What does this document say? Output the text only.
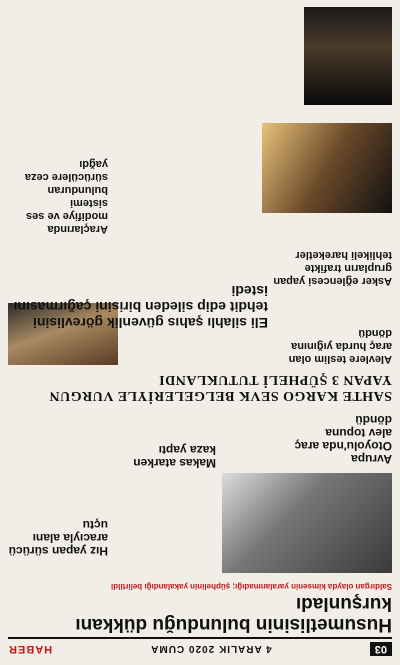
03
4 ARALIK 2020 CUMA
HABER
Husumetlisinin bulunduğu dükkanı kurşunladı

Saldırgan olayda kimsenin yaralanmadığı; şüphelinin yakalandığı belirtildi

Makas atarken kaza yaptı
Hız yapan sürücü aracıyla alanı uçtu
Avrupa Otoyolu'nda araç alev topuna döndü
SAHTE KARGO SEVK BELGELERİYLE VURGUN YAPAN 3 ŞÜPHELİ TUTUKLANDI
Alevlere teslim olan araç hurda yığınına döndü
Asker eğlencesi yapan grupların trafikte tehlikeli hareketler
Eli silahlı şahıs güvenlik görevlisini tehdit edip sileden birisini çağırmasını istedi
Araçlarında modifiye ve ses sistemi bulunduran sürücülere ceza yağdı
